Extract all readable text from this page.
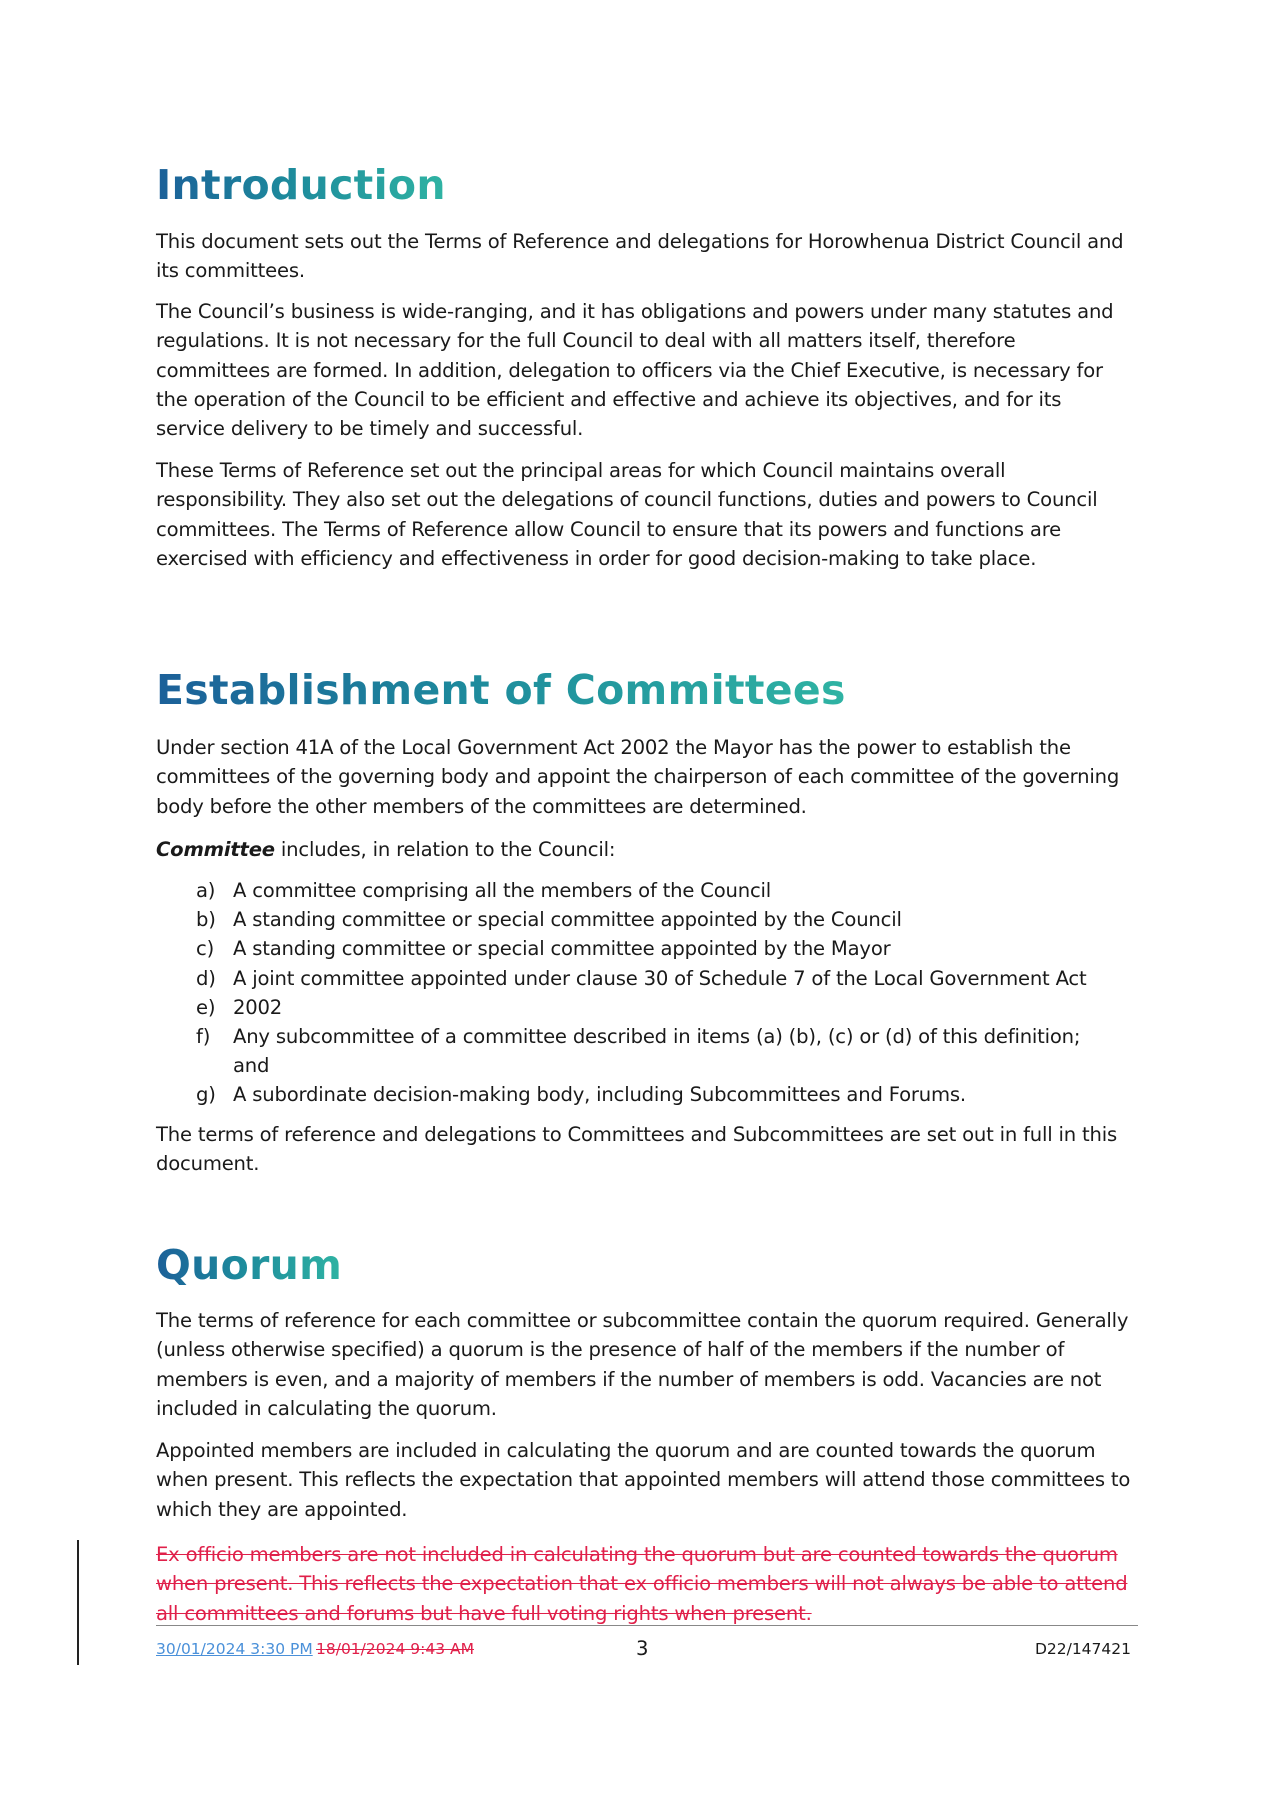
Introduction

This document sets out the Terms of Reference and delegations for Horowhenua District Council and its committees.

The Council’s business is wide-ranging, and it has obligations and powers under many statutes and regulations. It is not necessary for the full Council to deal with all matters itself, therefore committees are formed. In addition, delegation to officers via the Chief Executive, is necessary for the operation of the Council to be efficient and effective and achieve its objectives, and for its service delivery to be timely and successful.

These Terms of Reference set out the principal areas for which Council maintains overall responsibility. They also set out the delegations of council functions, duties and powers to Council committees. The Terms of Reference allow Council to ensure that its powers and functions are exercised with efficiency and effectiveness in order for good decision-making to take place.

Establishment of Committees

Under section 41A of the Local Government Act 2002 the Mayor has the power to establish the committees of the governing body and appoint the chairperson of each committee of the governing body before the other members of the committees are determined.

Committee includes, in relation to the Council:

a) A committee comprising all the members of the Council
b) A standing committee or special committee appointed by the Council
c) A standing committee or special committee appointed by the Mayor
d) A joint committee appointed under clause 30 of Schedule 7 of the Local Government Act
e) 2002
f)	Any subcommittee of a committee described in items (a) (b), (c) or (d) of this definition;
and
g) A subordinate decision-making body, including Subcommittees and Forums.

The terms of reference and delegations to Committees and Subcommittees are set out in full in this document.

Quorum

The terms of reference for each committee or subcommittee contain the quorum required. Generally (unless otherwise specified) a quorum is the presence of half of the members if the number of members is even, and a majority of members if the number of members is odd. Vacancies are not included in calculating the quorum.

Appointed members are included in calculating the quorum and are counted towards the quorum when present. This reflects the expectation that appointed members will attend those committees to which they are appointed.

Ex officio members are not included in calculating the quorum but are counted towards the quorum when present. This reflects the expectation that ex officio members will not always be able to attend all committees and forums but have full voting rights when present.

30/01/2024 3:30 PM 18/01/2024 9:43 AM	3	D22/147421
